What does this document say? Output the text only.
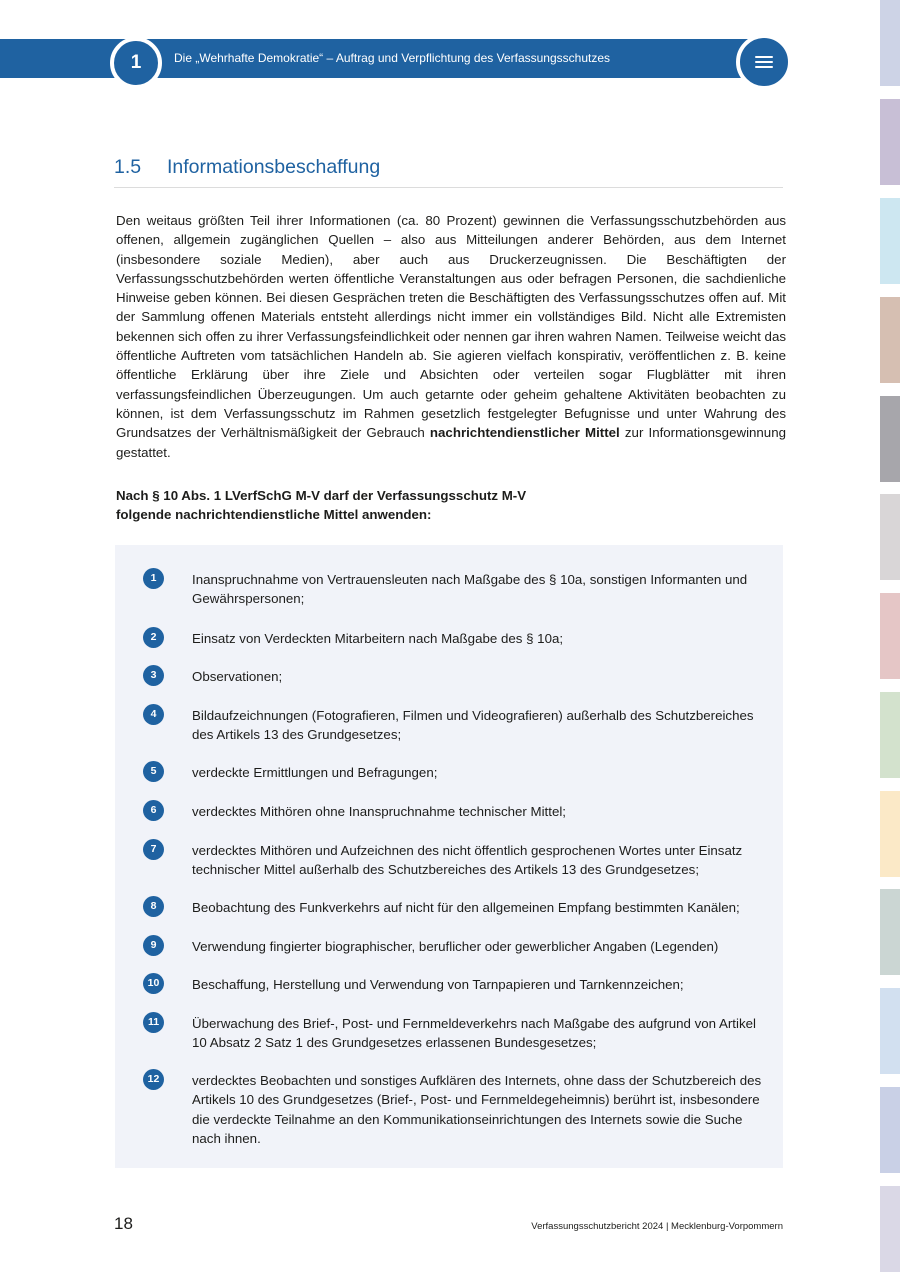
1	Die „Wehrhafte Demokratie“ – Auftrag und Verpflichtung des Verfassungsschutzes
1.5 Informationsbeschaffung

Den weitaus größten Teil ihrer Informationen (ca. 80 Prozent) gewinnen die Verfassungsschutzbehörden aus offenen, allgemein zugänglichen Quellen – also aus Mitteilungen anderer Behörden, aus dem Internet (insbesondere soziale Medien), aber auch aus Druckerzeugnissen. Die Beschäftigten der Verfassungsschutzbehörden werten öffentliche Veranstaltungen aus oder befragen Personen, die sachdienliche Hinweise geben können. Bei diesen Gesprächen treten die Beschäftigten des Verfassungsschutzes offen auf. Mit der Sammlung offenen Materials entsteht allerdings nicht immer ein vollständiges Bild. Nicht alle Extremisten bekennen sich offen zu ihrer Verfassungsfeindlichkeit oder nennen gar ihren wahren Namen. Teilweise weicht das öffentliche Auftreten vom tatsächlichen Handeln ab. Sie agieren vielfach konspirativ, veröffentlichen z. B. keine öffentliche Erklärung über ihre Ziele und Absichten oder verteilen sogar Flugblätter mit ihren verfassungsfeindlichen Überzeugungen. Um auch getarnte oder geheim gehaltene Aktivitäten beobachten zu können, ist dem Verfassungsschutz im Rahmen gesetzlich festgelegter Befugnisse und unter Wahrung des Grundsatzes der Verhältnismäßigkeit der Gebrauch nachrichtendienstlicher Mittel zur Informationsgewinnung gestattet.

Nach § 10 Abs. 1 LVerfSchG M-V darf der Verfassungsschutz M-V
folgende nachrichtendienstliche Mittel anwenden:
1	Inanspruchnahme von Vertrauensleuten nach Maßgabe des § 10a, sonstigen Informanten und Gewährspersonen;
2	Einsatz von Verdeckten Mitarbeitern nach Maßgabe des § 10a;
3	Observationen;
4	Bildaufzeichnungen (Fotografieren, Filmen und Videografieren) außerhalb des Schutzbereiches des Artikels 13 des Grundgesetzes;
5	verdeckte Ermittlungen und Befragungen;
6	verdecktes Mithören ohne Inanspruchnahme technischer Mittel;
7	verdecktes Mithören und Aufzeichnen des nicht öffentlich gesprochenen Wortes unter Einsatz technischer Mittel außerhalb des Schutzbereiches des Artikels 13 des Grundgesetzes;
8	Beobachtung des Funkverkehrs auf nicht für den allgemeinen Empfang bestimmten Kanälen;
9	Verwendung fingierter biographischer, beruflicher oder gewerblicher Angaben (Legenden)
10	Beschaffung, Herstellung und Verwendung von Tarnpapieren und Tarnkennzeichen;
11	Überwachung des Brief-, Post- und Fernmeldeverkehrs nach Maßgabe des aufgrund von Artikel 10 Absatz 2 Satz 1 des Grundgesetzes erlassenen Bundesgesetzes;
12	verdecktes Beobachten und sonstiges Aufklären des Internets, ohne dass der Schutzbereich des Artikels 10 des Grundgesetzes (Brief-, Post- und Fernmeldegeheimnis) berührt ist, insbesondere die verdeckte Teilnahme an den Kommunikationseinrichtungen des Internets sowie die Suche nach ihnen.
18	Verfassungsschutzbericht 2024 | Mecklenburg-Vorpommern
